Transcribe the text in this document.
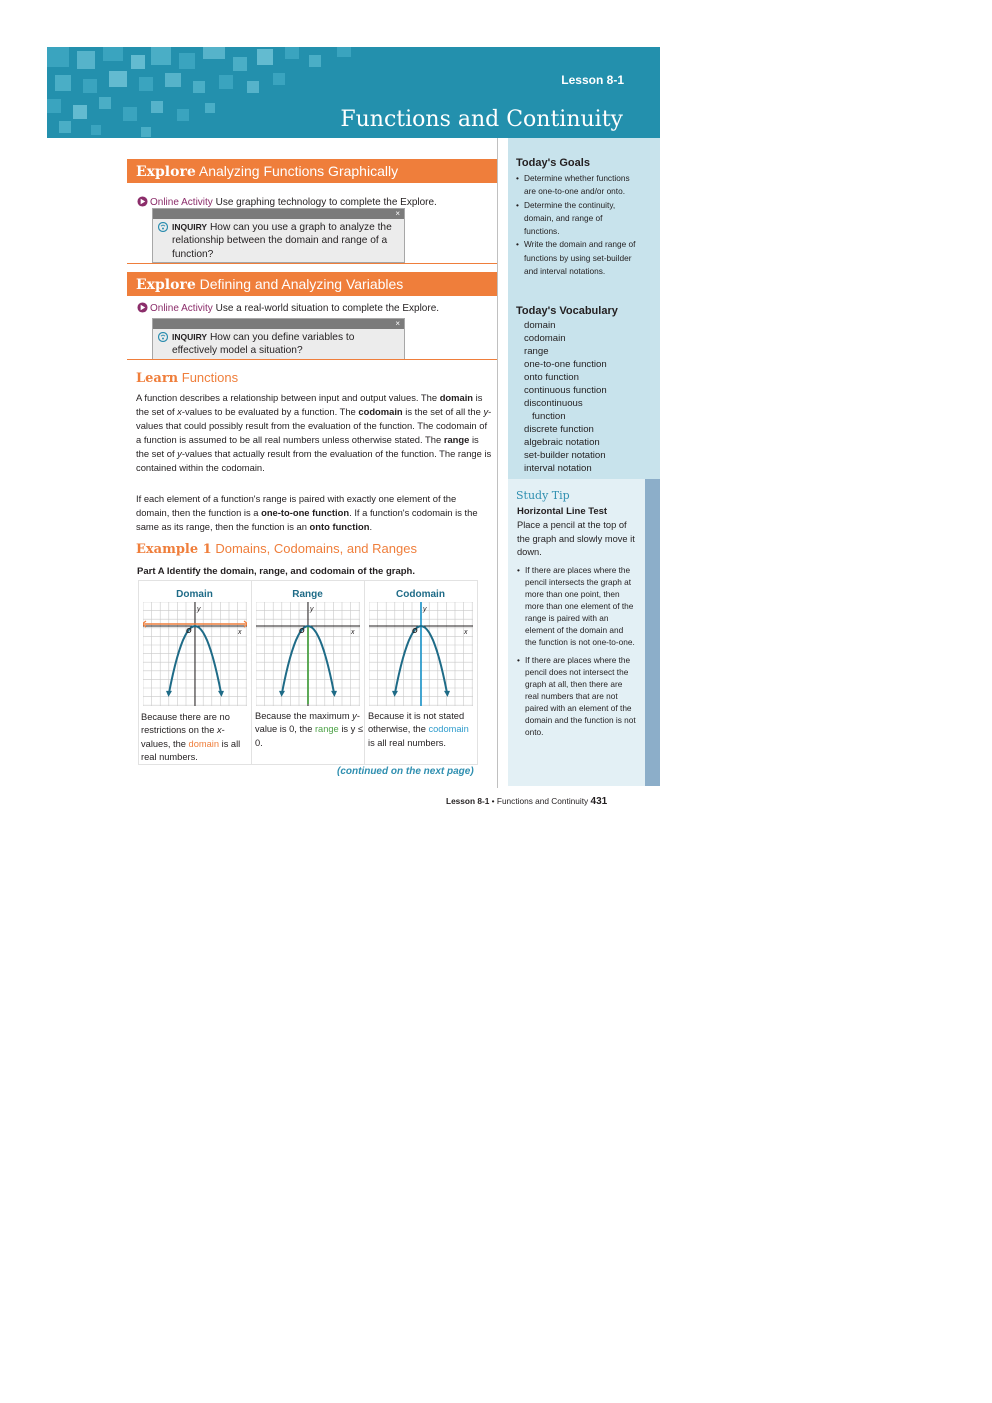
Lesson 8-1
Functions and Continuity
Today's Goals
• Determine whether functions are one-to-one and/or onto.
• Determine the continuity, domain, and range of functions.
• Write the domain and range of functions by using set-builder and interval notations.
Today's Vocabulary
domain
codomain
range
one-to-one function
onto function
continuous function
discontinuous
function
discrete function
algebraic notation
set-builder notation
interval notation
Study Tip
Horizontal Line Test
Place a pencil at the top of the graph and slowly move it down.
• If there are places where the pencil intersects the graph at more than one point, then more than one element of the range is paired with an element of the domain and the function is not one-to-one.
• If there are places where the pencil does not intersect the graph at all, then there are real numbers that are not paired with an element of the domain and the function is not onto.
Explore Analyzing Functions Graphically
Online Activity Use graphing technology to complete the Explore.
×
INQUIRY How can you use a graph to analyze the relationship between the domain and range of a function?
Explore Defining and Analyzing Variables
Online Activity Use a real-world situation to complete the Explore.
×
INQUIRY How can you define variables to effectively model a situation?
Learn Functions
A function describes a relationship between input and output values. The domain is the set of x-values to be evaluated by a function. The codomain is the set of all the y-values that could possibly result from the evaluation of the function. The codomain of a function is assumed to be all real numbers unless otherwise stated. The range is the set of y-values that actually result from the evaluation of the function. The range is contained within the codomain.
If each element of a function's range is paired with exactly one element of the domain, then the function is a one-to-one function. If a function's codomain is the same as its range, then the function is an onto function.
Example 1 Domains, Codomains, and Ranges
Part A Identify the domain, range, and codomain of the graph.
Domain	Range	Codomain
y
x
O
y
x
O
y
x
O
Because there are no restrictions on the x-values, the domain is all real numbers.
Because the maximum y-value is 0, the range is y ≤ 0.
Because it is not stated otherwise, the codomain is all real numbers.
(continued on the next page)
Lesson 8-1 • Functions and Continuity 431
